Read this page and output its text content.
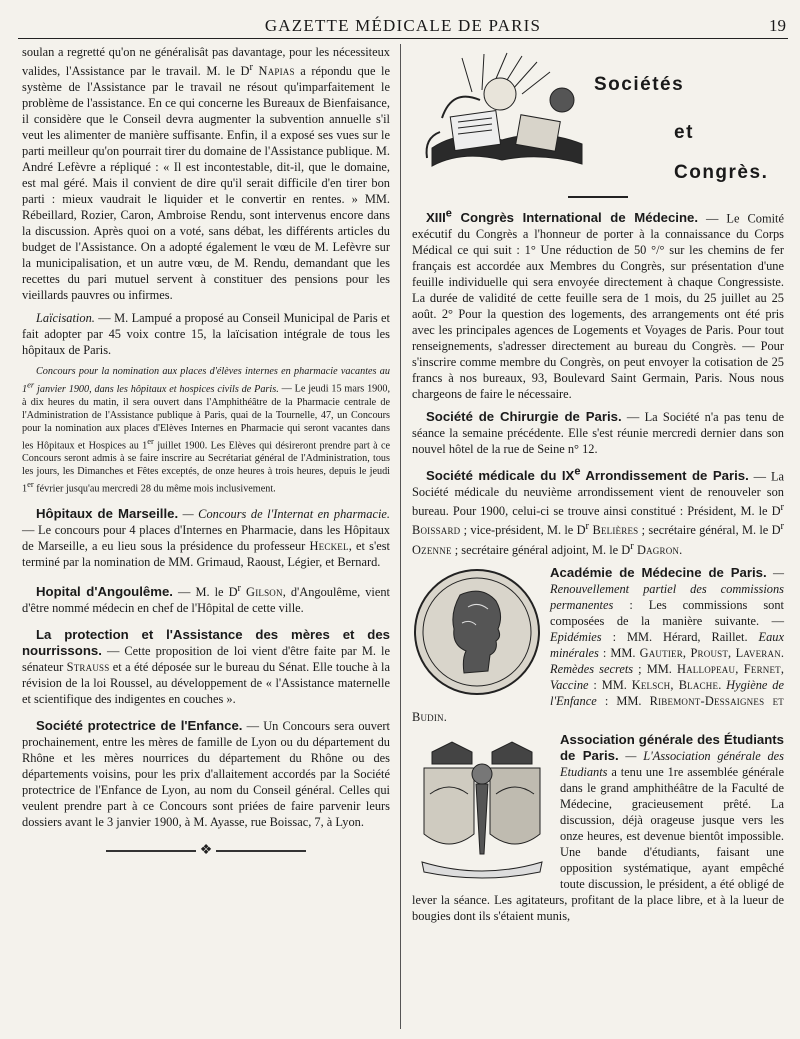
GAZETTE MÉDICALE DE PARIS	19

soulan a regretté qu'on ne généralisât pas davantage, pour les nécessiteux valides, l'Assistance par le travail. M. le $D^r$ Napias a répondu que le système de l'Assistance par le travail ne résout qu'imparfaitement le problème de l'assistance. En ce qui concerne les Bureaux de Bienfaisance, il considère que le Conseil devra augmenter la subvention annuelle s'il veut les alimenter de manière suffisante. Enfin, il a exposé ses vues sur le parti meilleur qu'on pourrait tirer du domaine de l'Assistance publique. M. André Lefèvre a répliqué : « Il est incontestable, dit-il, que le domaine, est mal géré. Mais il convient de dire qu'il serait difficile d'en tirer bon parti : mieux vaudrait le liquider et le convertir en rentes. » MM. Rébeillard, Rozier, Caron, Ambroise Rendu, sont intervenus encore dans la discussion. Après quoi on a voté, sans débat, les différents articles du budget de l'Assistance. On a adopté également le vœu de M. Lefèvre sur la municipalisation, et un autre vœu, de M. Rendu, demandant que les recettes du pari mutuel servent à constituer des pensions pour les vieillards pauvres ou infirmes.

Laïcisation. — M. Lampué a proposé au Conseil Municipal de Paris et fait adopter par 45 voix contre 15, la laïcisation intégrale de tous les hôpitaux de Paris.

Concours pour la nomination aux places d'élèves internes en pharmacie vacantes au 1er janvier 1900, dans les hôpitaux et hospices civils de Paris. — Le jeudi 15 mars 1900, à dix heures du matin, il sera ouvert dans l'Amphithéâtre de la Pharmacie centrale de l'Administration de l'Assistance publique à Paris, quai de la Tournelle, 47, un Concours pour la nomination aux places d'Elèves Internes en Pharmacie qui seront vacantes dans les Hôpitaux et Hospices au 1er juillet 1900. Les Elèves qui désireront prendre part à ce Concours seront admis à se faire inscrire au Secrétariat général de l'Administration, tous les jours, les Dimanches et Fêtes exceptés, de onze heures à trois heures, depuis le jeudi 1er février jusqu'au mercredi 28 du même mois inclusivement.

Hôpitaux de Marseille. — Concours de l'Internat en pharmacie. — Le concours pour 4 places d'Internes en Pharmacie, dans les Hôpitaux de Marseille, a eu lieu sous la présidence du professeur Heckel, et s'est terminé par la nomination de MM. Grimaud, Raoust, Légier, et Bernard.

Hopital d'Angoulême. — M. le $D^r$ Gilson, d'Angoulême, vient d'être nommé médecin en chef de l'Hôpital de cette ville.

La protection et l'Assistance des mères et des nourrissons. — Cette proposition de loi vient d'être faite par M. le sénateur Strauss et a été déposée sur le bureau du Sénat. Elle touche à la révision de la loi Roussel, au développement de « l'Assistance maternelle et scientifique des indigentes en couches ».

Société protectrice de l'Enfance. — Un Concours sera ouvert prochainement, entre les mères de famille de Lyon ou du département du Rhône et les mères nourrices du département du Rhône ou des départements voisins, pour les prix d'allaitement accordés par la Société protectrice de l'Enfance de Lyon, au nom du Conseil général. Celles qui veulent prendre part à ce Concours sont priées de faire parvenir leurs dossiers avant le 3 janvier 1900, à M. Ayasse, rue Boissac, 7, à Lyon.

❖
Sociétés
et
Congrès.

XIIIe Congrès International de Médecine. — Le Comité exécutif du Congrès a l'honneur de porter à la connaissance du Corps Médical ce qui suit : 1° Une réduction de 50 °/° sur les chemins de fer français est accordée aux Membres du Congrès, sur présentation d'une feuille individuelle qui sera envoyée directement à chaque Congressiste. La durée de validité de cette feuille sera de 1 mois, du 25 juillet au 25 août. 2° Pour la question des logements, des arrangements ont été pris avec les principales agences de Logements et Voyages de Paris. Pour tout renseignements, s'adresser directement au bureau du Congrès. — Pour s'inscrire comme membre du Congrès, on peut envoyer la cotisation de 25 francs à nos bureaux, 93, Boulevard Saint Germain, Paris. Nous nous chargeons de faire le nécessaire.

Société de Chirurgie de Paris. — La Société n'a pas tenu de séance la semaine précédente. Elle s'est réunie mercredi dernier dans son nouvel hôtel de la rue de Seine n° 12.

Société médicale du IXe Arrondissement de Paris. — La Société médicale du neuvième arrondissement vient de renouveler son bureau. Pour 1900, celui-ci se trouve ainsi constitué : Président, M. le $D^r$ Boissard ; vice-président, M. le $D^r$ Belières ; secrétaire général, M. le $D^r$ Ozenne ; secrétaire général adjoint, M. le $D^r$ Dagron.

Académie de Médecine de Paris. — Renouvellement partiel des commissions permanentes : Les commissions sont composées de la manière suivante. — Epidémies : MM. Hérard, Raillet. Eaux minérales : MM. Gautier, Proust, Laveran. Remèdes secrets ; MM. Hallopeau, Fernet, Vaccine : MM. Kelsch, Blache. Hygiène de l'Enfance : MM. Ribemont-Dessaignes et Budin.

Association générale des Étudiants de Paris. — L'Association générale des Etudiants a tenu une 1re assemblée générale dans le grand amphithéâtre de la Faculté de Médecine, gracieusement prêté. La discussion, déjà orageuse jusque vers les onze heures, est devenue bientôt impossible. Une bande d'étudiants, faisant une opposition systématique, ayant empêché toute discussion, le président, a été obligé de lever la séance. Les agitateurs, profitant de la place libre, et à la lueur de bougies dont ils s'étaient munis,
